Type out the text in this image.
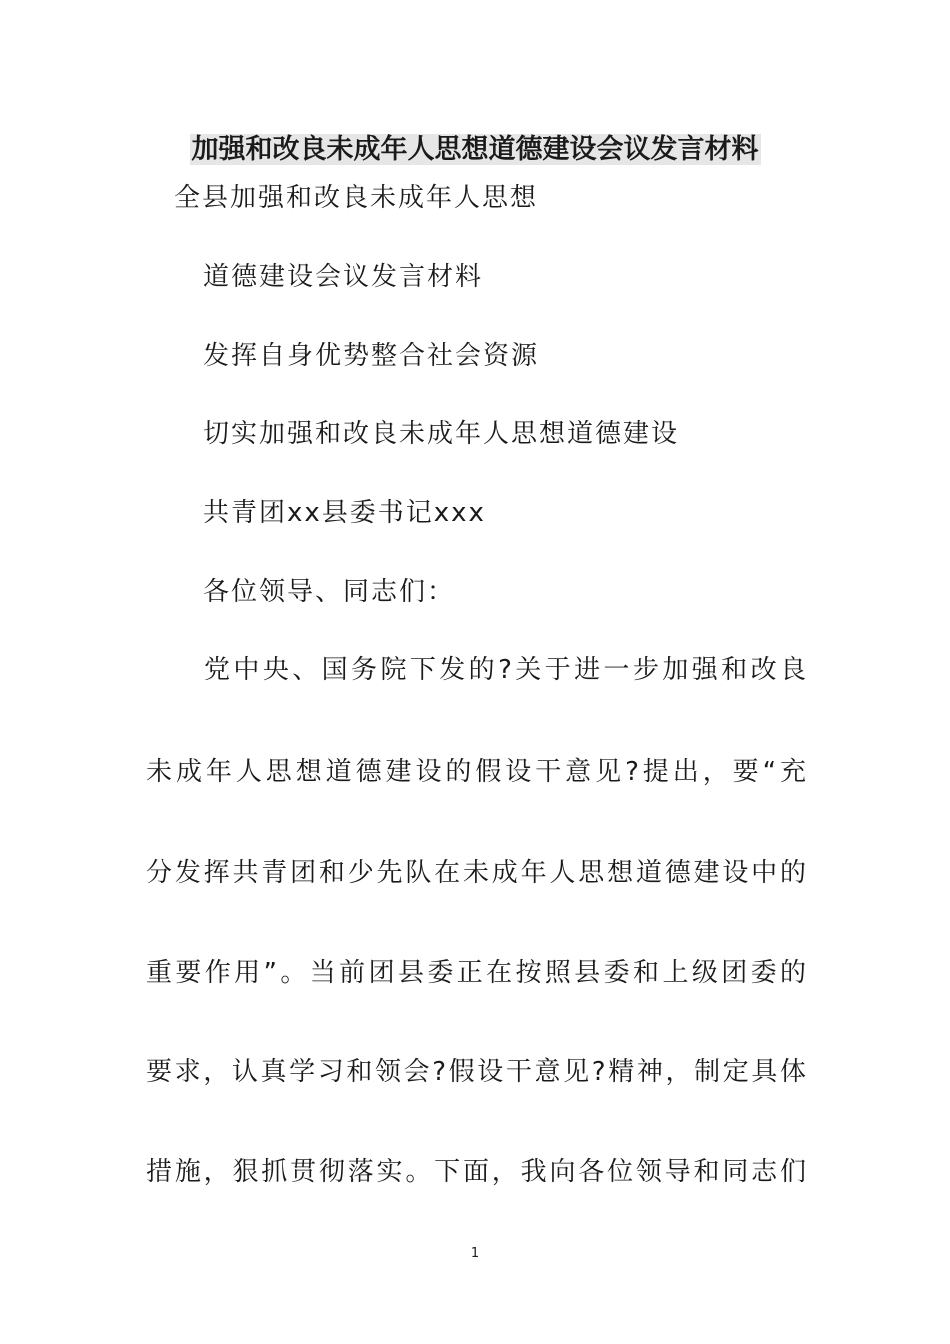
加强和改良未成年人思想道德建设会议发言材料

全县加强和改良未成年人思想

道德建设会议发言材料

发挥自身优势整合社会资源

切实加强和改良未成年人思想道德建设

共青团xx县委书记xxx

各位领导、同志们：

党中央、国务院下发的?关于进一步加强和改良

未成年人思想道德建设的假设干意见?提出，要“充

分发挥共青团和少先队在未成年人思想道德建设中的

重要作用”。当前团县委正在按照县委和上级团委的

要求，认真学习和领会?假设干意见?精神，制定具体

措施，狠抓贯彻落实。下面，我向各位领导和同志们

1
